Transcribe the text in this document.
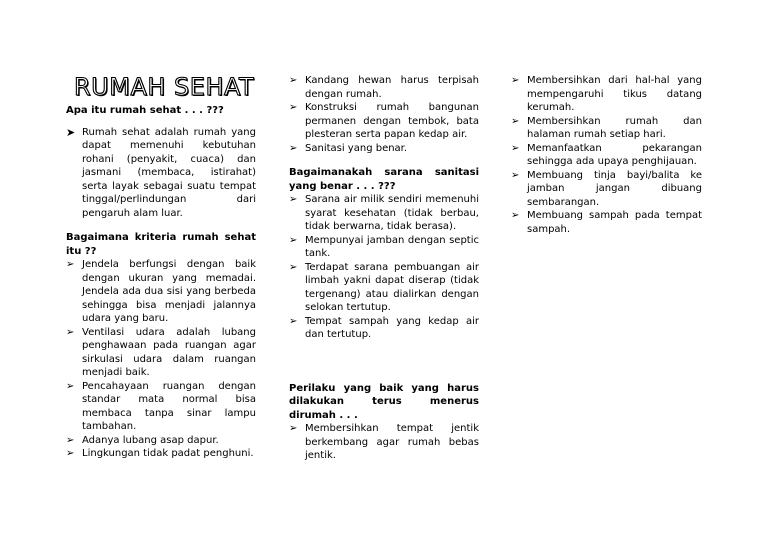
RUMAH SEHAT

Apa itu rumah sehat . . . ???

➤ Rumah sehat adalah rumah yang dapat memenuhi kebutuhan rohani (penyakit, cuaca) dan jasmani (membaca, istirahat) serta layak sebagai suatu tempat tinggal/perlindungan dari pengaruh alam luar.

Bagaimana kriteria rumah sehat itu ??

➢ Jendela berfungsi dengan baik dengan ukuran yang memadai. Jendela ada dua sisi yang berbeda sehingga bisa menjadi jalannya udara yang baru.
➢ Ventilasi udara adalah lubang penghawaan pada ruangan agar sirkulasi udara dalam ruangan menjadi baik.
➢ Pencahayaan ruangan dengan standar mata normal bisa membaca tanpa sinar lampu tambahan.
➢ Adanya lubang asap dapur.
➢ Lingkungan tidak padat penghuni.
➢ Kandang hewan harus terpisah dengan rumah.
➢ Konstruksi rumah bangunan permanen dengan tembok, bata plesteran serta papan kedap air.
➢ Sanitasi yang benar.

Bagaimanakah sarana sanitasi yang benar . . . ???

➢ Sarana air milik sendiri memenuhi syarat kesehatan (tidak berbau, tidak berwarna, tidak berasa).
➢ Mempunyai jamban dengan septic tank.
➢ Terdapat sarana pembuangan air limbah yakni dapat diserap (tidak tergenang) atau dialirkan dengan selokan tertutup.
➢ Tempat sampah yang kedap air dan tertutup.

Perilaku yang baik yang harus dilakukan terus menerus dirumah . . .

➢ Membersihkan tempat jentik berkembang agar rumah bebas jentik.
➢ Membersihkan dari hal-hal yang mempengaruhi tikus datang kerumah.
➢ Membersihkan rumah dan halaman rumah setiap hari.
➢ Memanfaatkan pekarangan sehingga ada upaya penghijauan.
➢ Membuang tinja bayi/balita ke jamban jangan dibuang sembarangan.
➢ Membuang sampah pada tempat sampah.
